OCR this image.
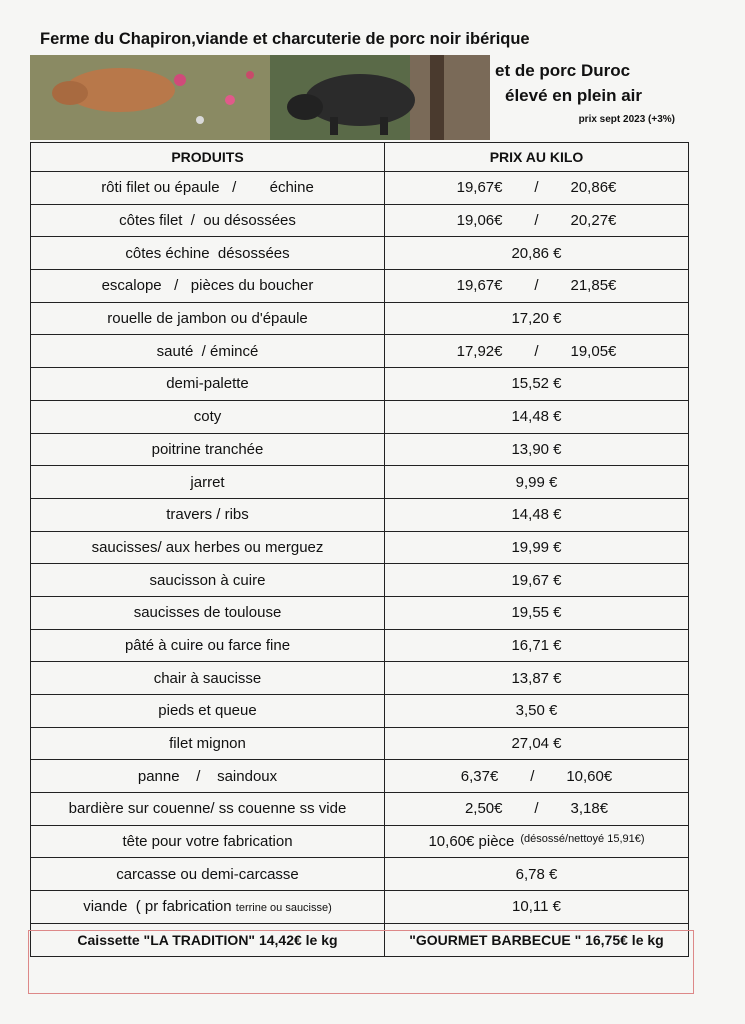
Ferme du Chapiron,viande et charcuterie de porc noir ibérique
et de porc Duroc
élevé en plein air
prix sept 2023 (+3%)
PRODUITS	PRIX AU KILO
rôti filet ou épaule   /        échine	19,67€ / 20,86€

côtes filet  /  ou désossées	19,06€ / 20,27€

côtes échine  désossées	20,86 €

escalope   /   pièces du boucher	19,67€ / 21,85€

rouelle de jambon ou d'épaule	17,20 €

sauté  / émincé	17,92€ / 19,05€

demi-palette	15,52 €

coty	14,48 €

poitrine tranchée	13,90 €

jarret	9,99 €

travers / ribs	14,48 €

saucisses/ aux herbes ou merguez	19,99 €

saucisson à cuire	19,67 €

saucisses de toulouse	19,55 €

pâté à cuire ou farce fine	16,71 €

chair à saucisse	13,87 €

pieds et queue	3,50 €

filet mignon	27,04 €

panne    /    saindoux	6,37€ / 10,60€

bardière sur couenne/ ss couenne ss vide	2,50€ / 3,18€

tête pour votre fabrication	10,60€ pièce (désossé/nettoyé 15,91€)

carcasse ou demi-carcasse	6,78 €

viande  ( pr fabrication terrine ou saucisse)	10,11 €

Caissette "LA TRADITION" 14,42€ le kg	"GOURMET BARBECUE " 16,75€ le kg
